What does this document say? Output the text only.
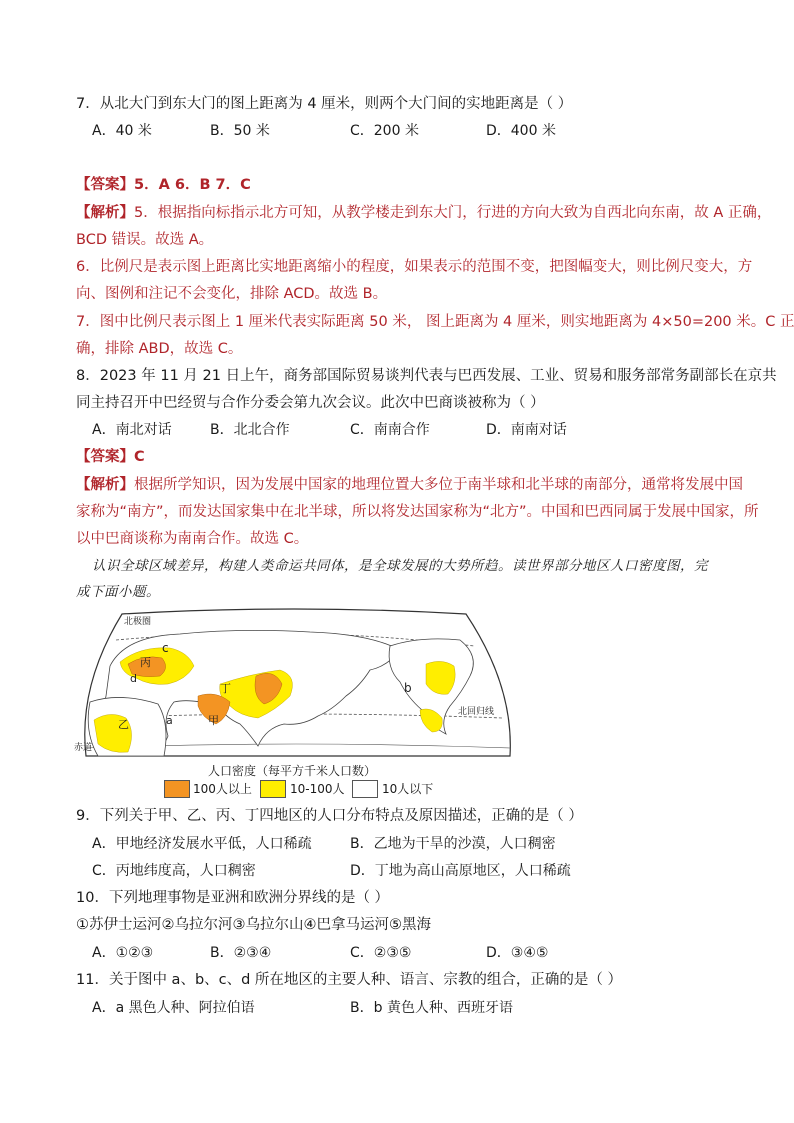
7．从北大门到东大门的图上距离为 4 厘米，则两个大门间的实地距离是（ ）
A．40 米	B．50 米	C．200 米	D．400 米
【答案】5．A 6．B 7．C
【解析】5．根据指向标指示北方可知，从教学楼走到东大门，行进的方向大致为自西北向东南，故 A 正确，
BCD 错误。故选 A。
6．比例尺是表示图上距离比实地距离缩小的程度，如果表示的范围不变，把图幅变大，则比例尺变大，方
向、图例和注记不会变化，排除 ACD。故选 B。
7．图中比例尺表示图上 1 厘米代表实际距离 50 米， 图上距离为 4 厘米，则实地距离为 4×50=200 米。C 正
确，排除 ABD，故选 C。
8．2023 年 11 月 21 日上午，商务部国际贸易谈判代表与巴西发展、工业、贸易和服务部常务副部长在京共
同主持召开中巴经贸与合作分委会第九次会议。此次中巴商谈被称为（ ）
A．南北对话	B．北北合作	C．南南合作	D．南南对话
【答案】C
【解析】根据所学知识，因为发展中国家的地理位置大多位于南半球和北半球的南部分，通常将发展中国
家称为“南方”，而发达国家集中在北半球，所以将发达国家称为“北方”。中国和巴西同属于发展中国家，所
以中巴商谈称为南南合作。故选 C。
认识全球区域差异，构建人类命运共同体，是全球发展的大势所趋。读世界部分地区人口密度图，完
成下面小题。
北极圈
北回归线
赤道
丙
c
d
乙	a
丁
甲
b
人口密度（每平方千米人口数）
100人以上	10-100人	10人以下
9．下列关于甲、乙、丙、丁四地区的人口分布特点及原因描述，正确的是（ ）
A．甲地经济发展水平低，人口稀疏	B．乙地为干旱的沙漠，人口稠密
C．丙地纬度高，人口稠密	D．丁地为高山高原地区，人口稀疏
10．下列地理事物是亚洲和欧洲分界线的是（ ）
①苏伊士运河②乌拉尔河③乌拉尔山④巴拿马运河⑤黑海
A．①②③	B．②③④	C．②③⑤	D．③④⑤
11．关于图中 a、b、c、d 所在地区的主要人种、语言、宗教的组合，正确的是（ ）
A．a 黑色人种、阿拉伯语	B．b 黄色人种、西班牙语
